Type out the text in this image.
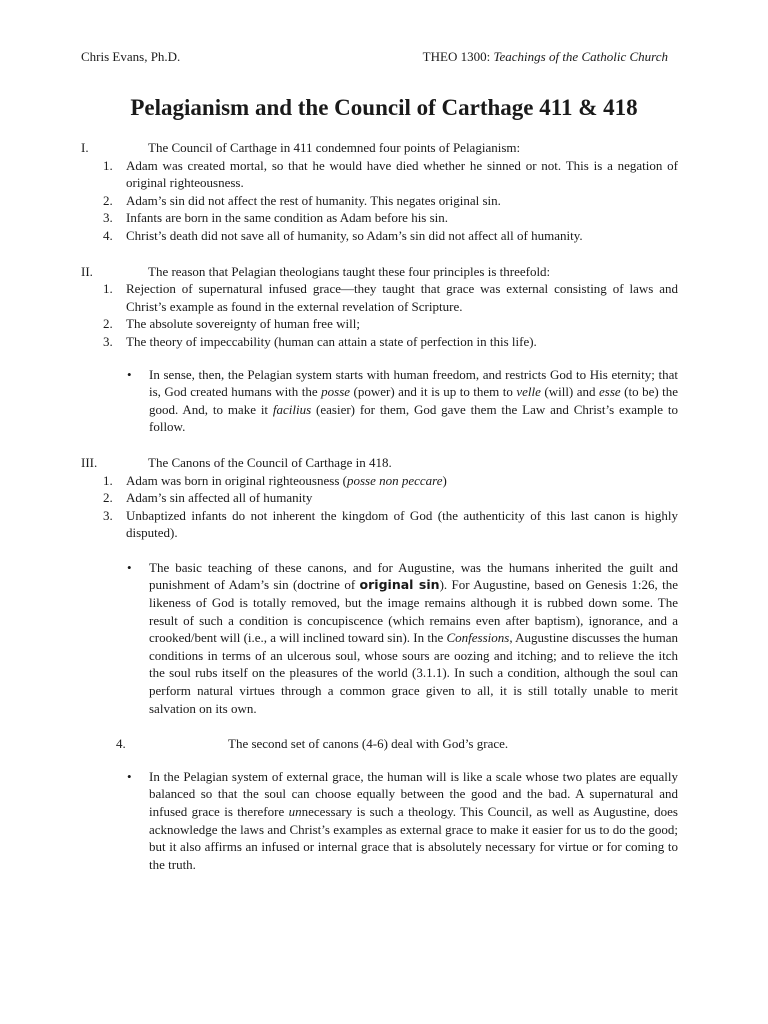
Chris Evans, Ph.D.	THEO 1300: Teachings of the Catholic Church
Pelagianism and the Council of Carthage 411 & 418
I.	The Council of Carthage in 411 condemned four points of Pelagianism:
1. Adam was created mortal, so that he would have died whether he sinned or not. This is a negation of original righteousness.
2. Adam’s sin did not affect the rest of humanity. This negates original sin.
3. Infants are born in the same condition as Adam before his sin.
4. Christ’s death did not save all of humanity, so Adam’s sin did not affect all of humanity.
II.	The reason that Pelagian theologians taught these four principles is threefold:
1. Rejection of supernatural infused grace—they taught that grace was external consisting of laws and Christ’s example as found in the external revelation of Scripture.
2. The absolute sovereignty of human free will;
3. The theory of impeccability (human can attain a state of perfection in this life).
• In sense, then, the Pelagian system starts with human freedom, and restricts God to His eternity; that is, God created humans with the posse (power) and it is up to them to velle (will) and esse (to be) the good. And, to make it facilius (easier) for them, God gave them the Law and Christ’s example to follow.
III.	The Canons of the Council of Carthage in 418.
1. Adam was born in original righteousness (posse non peccare)
2. Adam’s sin affected all of humanity
3. Unbaptized infants do not inherent the kingdom of God (the authenticity of this last canon is highly disputed).
• The basic teaching of these canons, and for Augustine, was the humans inherited the guilt and punishment of Adam’s sin (doctrine of original sin). For Augustine, based on Genesis 1:26, the likeness of God is totally removed, but the image remains although it is rubbed down some. The result of such a condition is concupiscence (which remains even after baptism), ignorance, and a crooked/bent will (i.e., a will inclined toward sin). In the Confessions, Augustine discusses the human conditions in terms of an ulcerous soul, whose sours are oozing and itching; and to relieve the itch the soul rubs itself on the pleasures of the world (3.1.1). In such a condition, although the soul can perform natural virtues through a common grace given to all, it is still totally unable to merit salvation on its own.
4.	The second set of canons (4-6) deal with God’s grace.
• In the Pelagian system of external grace, the human will is like a scale whose two plates are equally balanced so that the soul can choose equally between the good and the bad. A supernatural and infused grace is therefore unnecessary is such a theology. This Council, as well as Augustine, does acknowledge the laws and Christ’s examples as external grace to make it easier for us to do the good; but it also affirms an infused or internal grace that is absolutely necessary for virtue or for coming to the truth.
